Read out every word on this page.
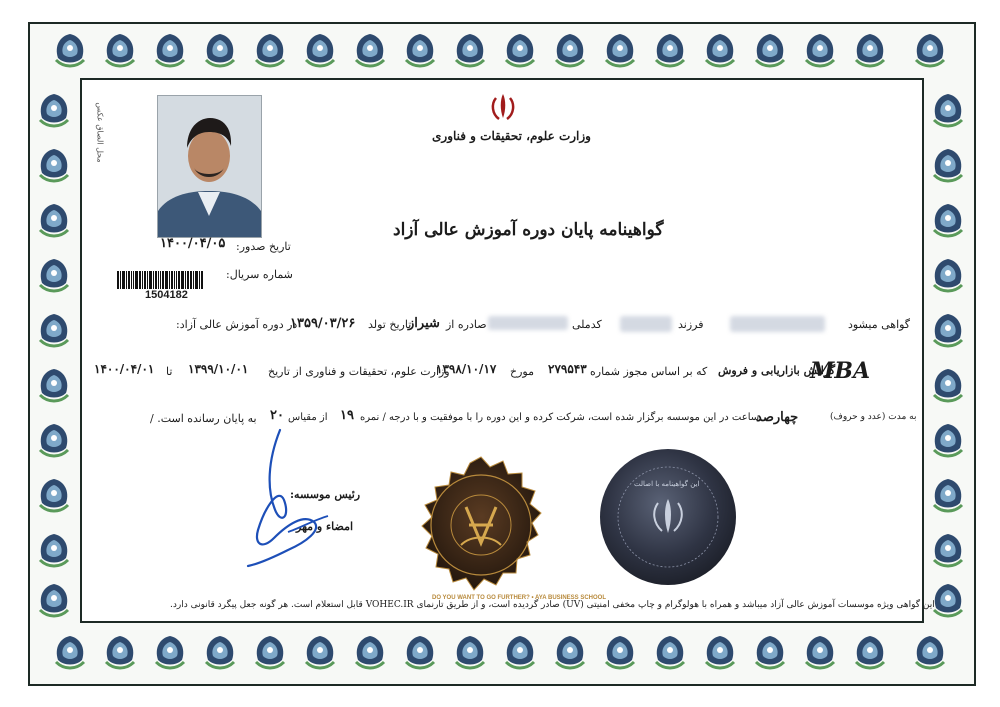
وزارت علوم، تحقیقات و فناوری
محل الصاق عکس
تاریخ صدور:
۱۴۰۰/۰۴/۰۵
شماره سریال:
1504182
گواهینامه پایان دوره آموزش عالی آزاد
گواهی میشود
فرزند
کدملی
صادره از
شیراز
تاریخ تولد
۱۳۵۹/۰۳/۲۶
در دوره آموزش عالی آزاد:
MBA
گرایش بازاریابی و فروش
که بر اساس مجوز شماره
۲۷۹۵۴۳
مورخ
۱۳۹۸/۱۰/۱۷
وزارت علوم، تحقیقات و فناوری از تاریخ
۱۳۹۹/۱۰/۰۱
تا
۱۴۰۰/۰۴/۰۱
به مدت (عدد و حروف)
چهارصد
ساعت در این موسسه برگزار شده است، شرکت کرده و این دوره را با موفقیت و با درجه / نمره
۱۹
از مقیاس
۲۰
به پایان رسانده است. /
رئیس موسسه:
امضاء و مهر
DO YOU WANT TO GO FURTHER? • AYA BUSINESS SCHOOL
این گواهینامه با اصالت
این گواهی ویژه موسسات آموزش عالی آزاد میباشد و همراه با هولوگرام و چاپ مخفی امنیتی (UV) صادر گردیده است، و از طریق تارنمای VOHEC.IR قابل استعلام است. هر گونه جعل پیگرد قانونی دارد.
